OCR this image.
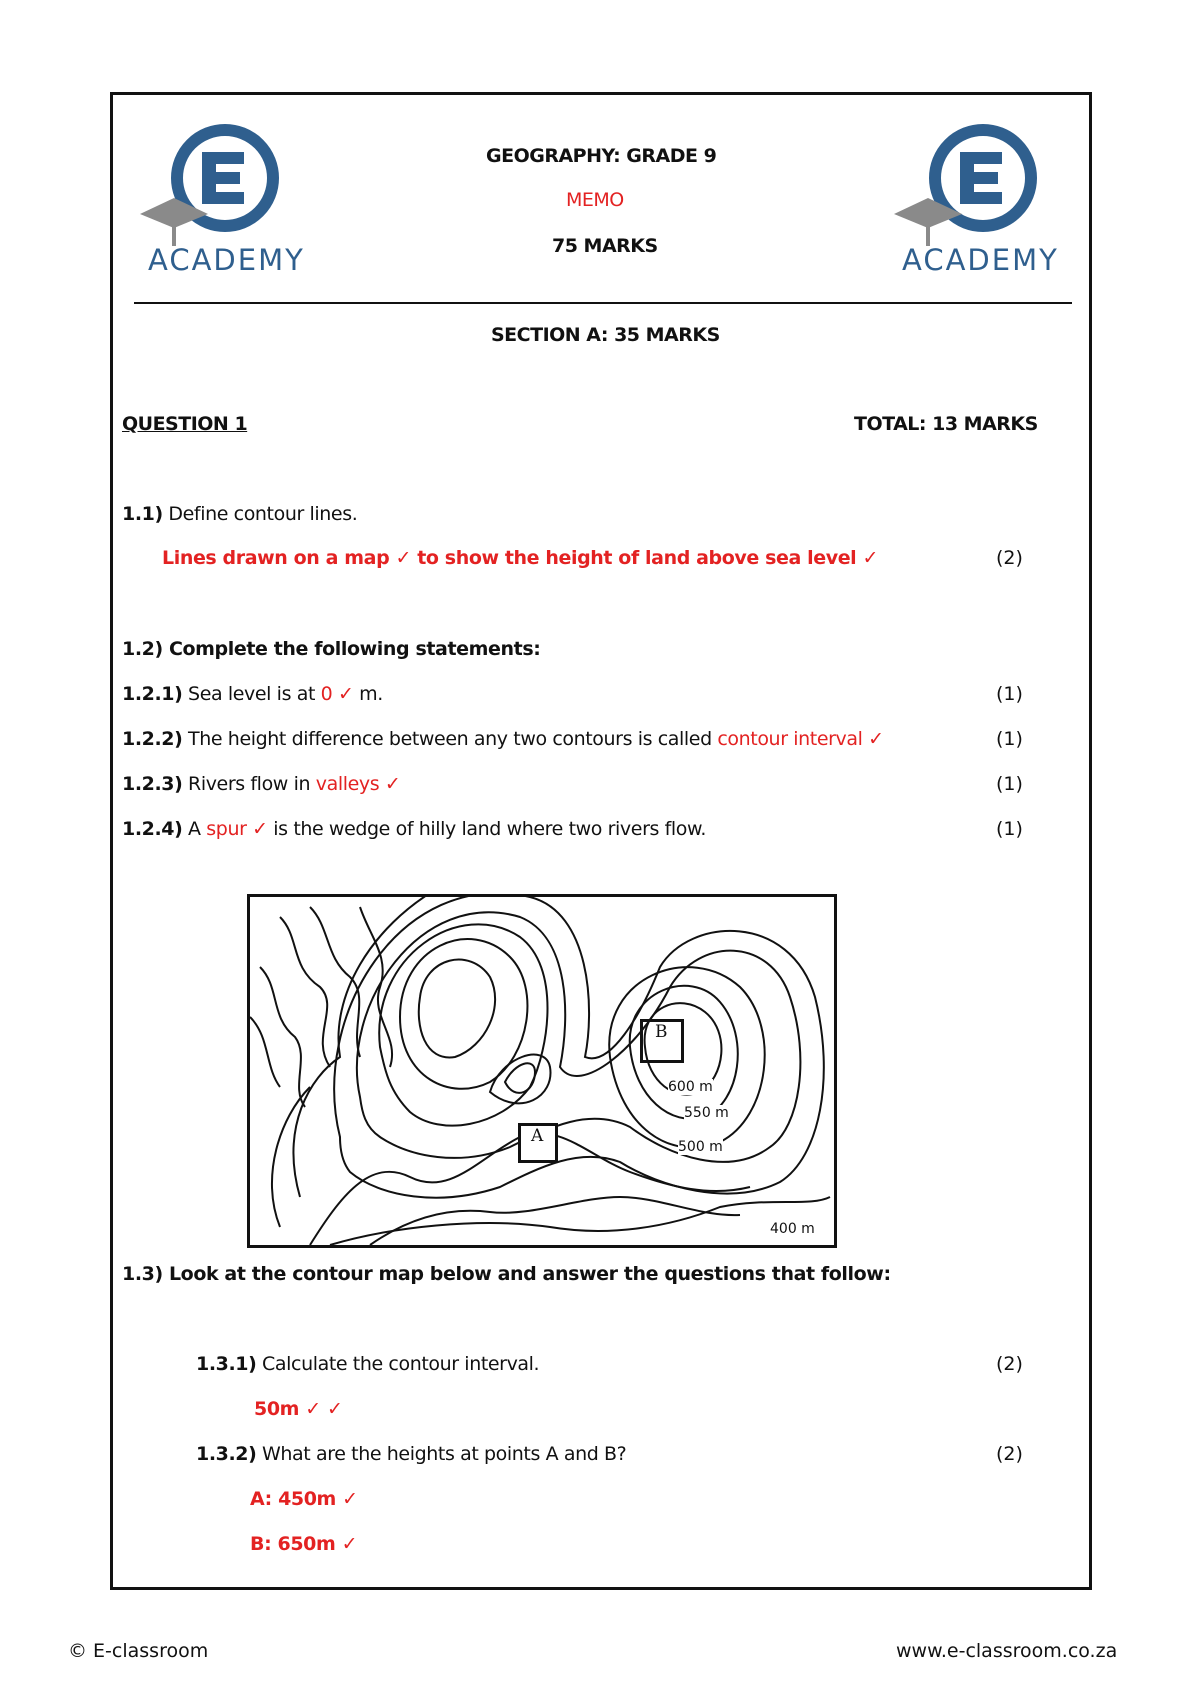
ACADEMY	ACADEMY
GEOGRAPHY: GRADE 9
MEMO
75 MARKS
SECTION A: 35 MARKS
QUESTION 1	TOTAL: 13 MARKS
1.1) Define contour lines.
Lines drawn on a map ✓ to show the height of land above sea level ✓	(2)
1.2) Complete the following statements:
1.2.1) Sea level is at 0 ✓ m.	(1)
1.2.2) The height difference between any two contours is called contour interval ✓	(1)
1.2.3) Rivers flow in valleys ✓	(1)
1.2.4) A spur ✓ is the wedge of hilly land where two rivers flow.	(1)
A
B
600 m
550 m
500 m
400 m
1.3) Look at the contour map below and answer the questions that follow:
1.3.1) Calculate the contour interval.	(2)
50m ✓ ✓
1.3.2) What are the heights at points A and B?	(2)
A: 450m ✓
B: 650m ✓
© E-classroom	www.e-classroom.co.za
